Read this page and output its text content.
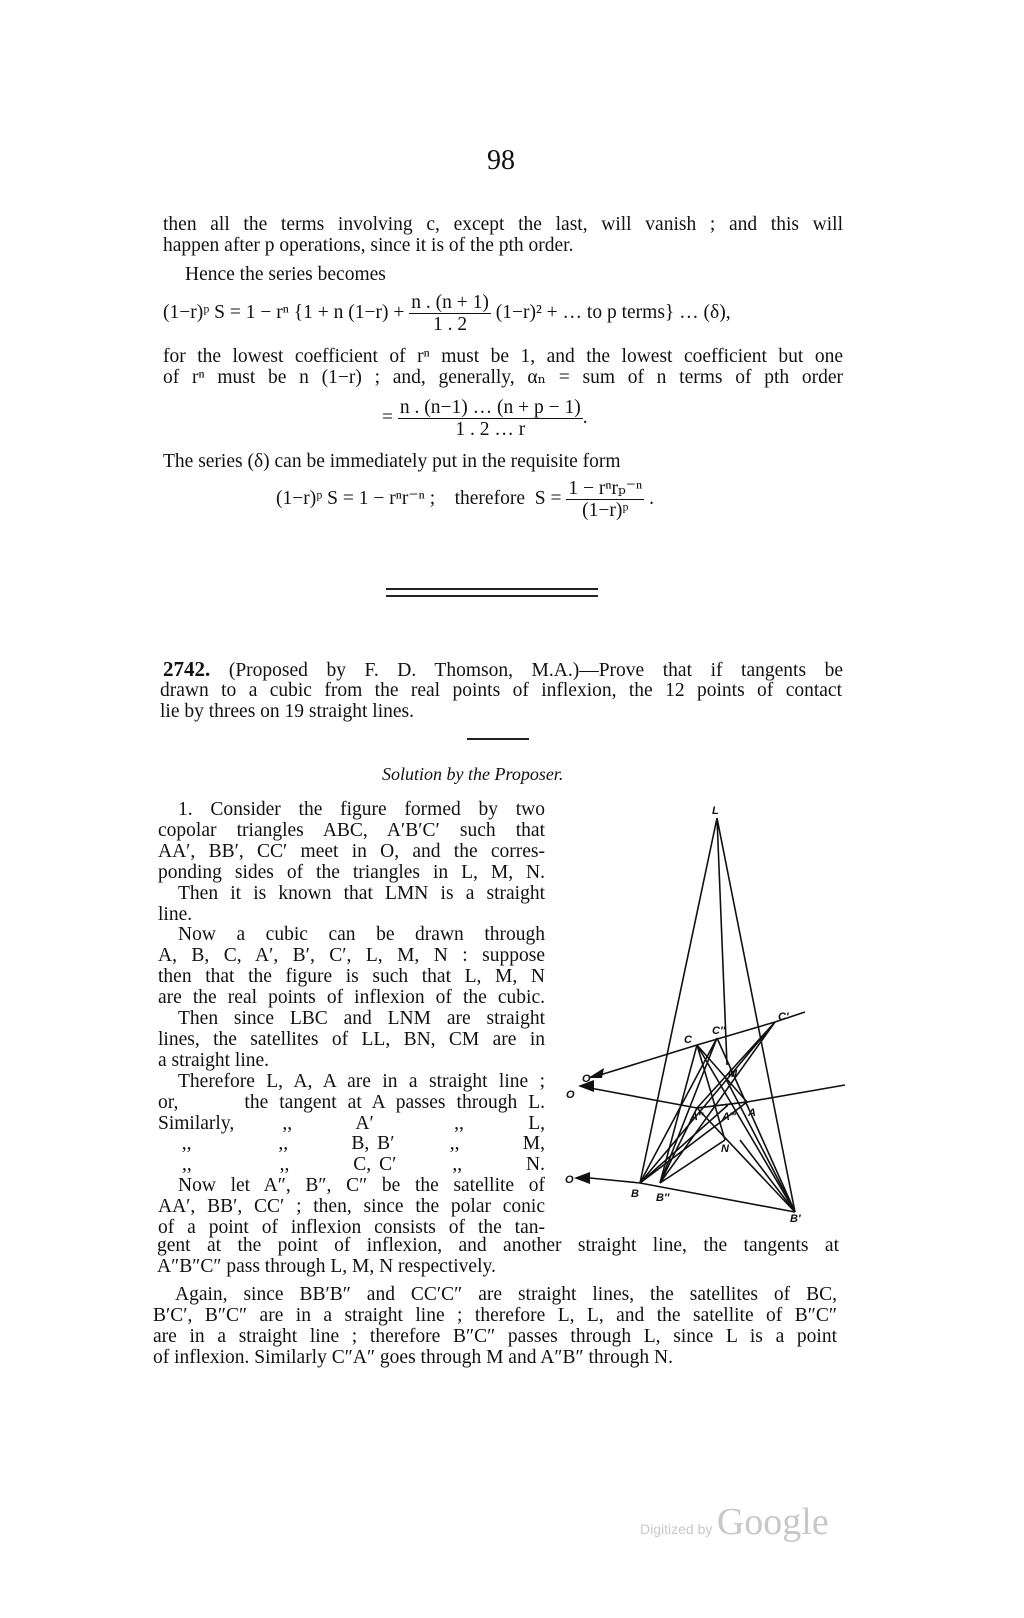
98
then all the terms involving c, except the last, will vanish ; and this will
happen after p operations, since it is of the pth order.
Hence the series becomes
(1−r)ᵖ S = 1 − rⁿ {1 + n $(1-r) + \frac{n . (n + 1)}{1 . 2} (1-r)^2$ + … to p terms} … (δ),
for the lowest coefficient of rⁿ must be 1, and the lowest coefficient but one
of rⁿ must be n (1−r) ; and, generally, αₙ = sum of n terms of pth order
= $\frac{n . (n-1) \dots (n + p - 1)}{1 . 2 \dots r}$ .
The series (δ) can be immediately put in the requisite form
(1−r)ᵖ S = 1 − rⁿr⁻ⁿ ;    therefore  $S = \frac{\text{1 − rⁿrₚ⁻ⁿ}}{\text{(1−r)ᵖ}}$ .
2742. (Proposed by F. D. Thomson, M.A.)—Prove that if tangents be
drawn to a cubic from the real points of inflexion, the 12 points of contact
lie by threes on 19 straight lines.
Solution by the Proposer.
1. Consider the figure formed by two
copolar triangles ABC, A′B′C′ such that
AA′, BB′, CC′ meet in O, and the corres-
ponding sides of the triangles in L, M, N.
Then it is known that LMN is a straight
line.
Now a cubic can be drawn through
A, B, C, A′, B′, C′, L, M, N : suppose
then that the figure is such that L, M, N
are the real points of inflexion of the cubic.
Then since LBC and LNM are straight
lines, the satellites of LL, BN, CM are in
a straight line.
Therefore L, A, A are in a straight line ;
or,      the tangent at A passes through L.
Similarly,      ,,        A′          ,,        L,
,,           ,,        B, B′       ,,        M,
,,           ,,        C, C′       ,,        N.
Now let A″, B″, C″ be the satellite of
AA′, BB′, CC′ ; then, since the polar conic
of a point of inflexion consists of the tan-
gent at the point of inflexion, and another straight line, the tangents at
A″B″C″ pass through L, M, N respectively.
Again, since BB′B″ and CC′C″ are straight lines, the satellites of BC,
B′C′, B″C″ are in a straight line ; therefore L, L, and the satellite of B″C″
are in a straight line ; therefore B″C″ passes through L, since L is a point
of inflexion. Similarly C″A″ goes through M and A″B″ through N.
L
C
C″
C′
M
A″ A‴ A
N
B B″
B′
O
O
O
Digitized by Google
